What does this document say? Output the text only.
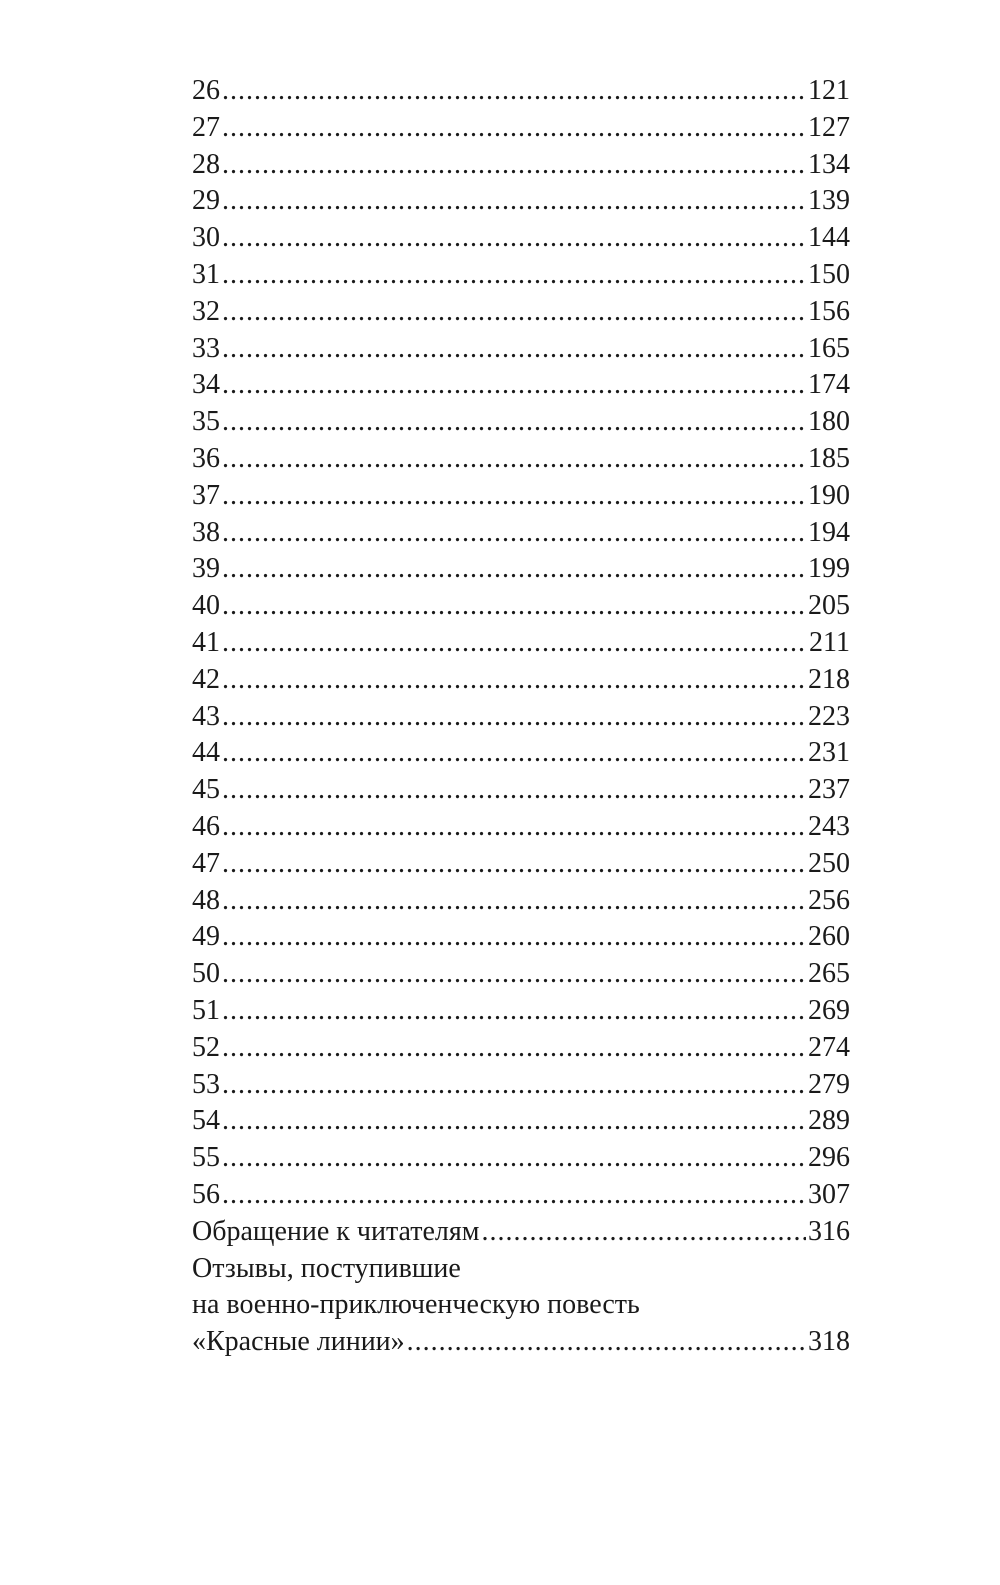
26 .....	121
27 .....	127
28 .....	134
29 .....	139
30 .....	144
31 .....	150
32 .....	156
33 .....	165
34 .....	174
35 .....	180
36 .....	185
37 .....	190
38 .....	194
39 .....	199
40 .....	205
41 .....	211
42 .....	218
43 .....	223
44 .....	231
45 .....	237
46 .....	243
47 .....	250
48 .....	256
49 .....	260
50 .....	265
51 .....	269
52 .....	274
53 .....	279
54 .....	289
55 .....	296
56 .....	307
Обращение к читателям .....	316
Отзывы, поступившие
на военно-приключенческую повесть
«Красные линии» .....	318
